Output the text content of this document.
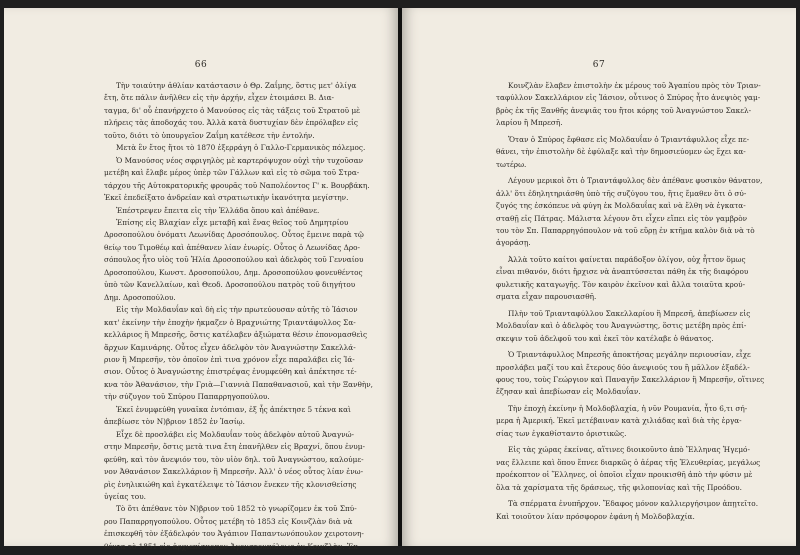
66
Τὴν τοιαύτην ἀθλίαν κατάστασιν ὁ Θρ. Ζαΐμης, ὅστις μετ' ὀλίγα
ἔτη, ὅτε πάλιν ἀνῆλθεν εἰς τὴν ἀρχήν, εἶχεν ἑτοιμάσει Β. Δια-
ταγμα, δι' οὗ ἐπανήρχετο ὁ Μανούσος εἰς τὰς τάξεις τοῦ Στρατοῦ μὲ
πλήρεις τὰς ἀποδοχάς του. Ἀλλὰ κατὰ δυστυχίαν δὲν ἐπρόλαβεν εἰς
τοῦτο, διότι τὸ ὑπουργεῖον Ζαΐμη κατέθεσε τὴν ἐντολήν.
Μετὰ ἓν ἔτος ἤτοι τὸ 1870 ἐξερράγη ὁ Γαλλο-Γερμανικὸς πόλεμος.
Ὁ Μανούσος νέος σφριγηλὸς μὲ καρτερόψυχον οὐχὶ τὴν τυχοῦσαν
μετέβη καὶ ἔλαβε μέρος ὑπὲρ τῶν Γάλλων καὶ εἰς τὸ σῶμα τοῦ Στρα-
τάρχου τῆς Αὐτοκρατορικῆς φρουρᾶς τοῦ Ναπολέοντος Γ' κ. Βουρβάκη.
Ἐκεῖ ἐπεδείξατο ἀνδρείαν καὶ στρατιωτικὴν ἱκανότητα μεγίστην.
Ἐπέστρεψεν ἔπειτα εἰς τὴν Ἑλλάδα ὅπου καὶ ἀπέθανε.
Ἐπίσης εἰς Βλαχίαν εἶχε μεταβῆ καὶ ἕνας θεῖος τοῦ Δημητρίου
Δροσοπούλου ὀνόματι Λεωνίδας Δροσόπουλος. Οὗτος ἔμεινε παρὰ τῷ
θείῳ του Τιμοθέῳ καὶ ἀπέθανεν λίαν ἐνωρίς. Οὗτος ὁ Λεωνίδας Δρο-
σόπουλος ἦτο υἱὸς τοῦ Ἠλία Δροσοπούλου καὶ ἀδελφὸς τοῦ Γενναίου
Δροσοπούλου, Κωνστ. Δροσοπούλου, Δημ. Δροσοπούλου φονευθέντος
ὑπὸ τῶν Κανελλαίων, καὶ Θεοδ. Δροσοπούλου πατρὸς τοῦ διηγήτου
Δημ. Δροσοπούλου.
Εἰς τὴν Μολδαυΐαν καὶ δὴ εἰς τὴν πρωτεύουσαν αὐτῆς τὸ Ἰάσιον
κατ' ἐκείνην τὴν ἐποχὴν ἠκμαζεν ὁ Βραχνιώτης Τριαντάφυλλος Σα-
κελλάριος ἢ Μπρεσῆς, ὅστις κατέλαβεν ἀξιώματα θέσιν ἐπονομασθεὶς
ἄρχων Καμινάρης. Οὗτος εἶχεν ἀδελφὸν τὸν Ἀναγνώστην Σακελλά-
ριον ἢ Μπρεσῆν, τὸν ὁποῖον ἐπὶ τινα χρόνον εἶχε παραλάβει εἰς Ἰά-
σιον. Οὗτος ὁ Ἀναγνώστης ἐπιστρέψας ἐνυμφεύθη καὶ ἀπέκτησε τέ-
κνα τὸν Ἀθανάσιον, τὴν Γριὰ—Γιαννιὰ Παπαθανασιοῦ, καὶ τὴν Ξανθὴν,
τὴν σύζυγον τοῦ Σπύρου Παπαρρηγοπούλου.
Ἐκεῖ ἐνυμφεύθη γυναῖκα ἐντόπιαν, ἐξ ἧς ἀπέκτησε 5 τέκνα καὶ
ἀπεβίωσε τὸν Ν)βριον 1852 ἐν Ἰασίῳ.
Εἶχε δὲ προσλάβει εἰς Μολδαυΐαν τοὺς ἀδελφὸν αὐτοῦ Ἀναγνώ-
στην Μπρεσῆν, ὅστις μετὰ τινα ἔτη ἐπανῆλθεν εἰς Βραχνί, ὅπου ἐνυμ-
φεύθη, καὶ τὸν ἀνεψιόν του, τὸν υἱὸν δηλ. τοῦ Ἀναγνώστου, καλούμε-
νον Ἀθανάσιον Σακελλάριον ἢ Μπρεσῆν. Ἀλλ' ὁ νέος οὗτος λίαν ἐνω-
ρὶς ἐνηλικιώθη καὶ ἐγκατέλειψε τὸ Ἰάσιον ἕνεκεν τῆς κλονισθείσης
ὑγείας του.
Τὸ ὅτι ἀπέθανε τὸν Ν)βριον τοῦ 1852 τὸ γνωρίζομεν ἐκ τοῦ Σπύ-
ρου Παπαρρηγοπούλου. Οὗτος μετέβη τὸ 1853 εἰς Κοινζλὰν διὰ νὰ
ἐπισκεφθῆ τὸν ἐξάδελφόν του Ἀγάπιον Παπαντωνόπουλον χειροτονη-
θέντα τὸ 1851 εἰς ἀρχιεπίσκοπον Ἀγουστουπόλεως ἐν Κοινζλὰν. Ἐκ
67
Κοινζλὰν ἔλαβεν ἐπιστολὴν ἐκ μέρους τοῦ Ἀγαπίου πρὸς τὸν Τριαν-
ταφύλλον Σακελλάριον εἰς Ἰάσιον, οὗτινος ὁ Σπύρος ἦτο ἀνεψιὸς γαμ-
βρὸς ἐκ τῆς Ξανθῆς ἀνεψιᾶς του ἤτοι κόρης τοῦ Ἀναγνώστου Σακελ-
λαρίου ἢ Μπρεσῆ.
Ὅταν ὁ Σπύρος ἔφθασε εἰς Μολδαυΐαν ὁ Τριαντάφυλλος εἶχε πε-
θάνει, τὴν ἐπιστολὴν δὲ ἐφύλαξε καὶ τὴν δημοσιεύομεν ὡς ἔχει κα-
τωτέρω.
Λέγουν μερικοὶ ὅτι ὁ Τριαντάφυλλος δὲν ἀπέθανε φυσικὸν θάνατον,
ἀλλ' ὅτι ἐδηλητηριάσθη ὑπὸ τῆς συζύγου του, ἥτις ἔμαθεν ὅτι ὁ σύ-
ζυγός της ἐσκόπευε νὰ φύγη ἐκ Μολδαυΐας καὶ νὰ ἔλθη νὰ ἐγκατα-
σταθῇ εἰς Πάτρας. Μάλιστα λέγουν ὅτι εἶχεν εἴπει εἰς τὸν γαμβρὸν
του τὸν Σπ. Παπαρρηγόπουλον νὰ τοῦ εὕρῃ ἐν κτῆμα καλὸν διὰ νὰ τὸ
ἀγοράσῃ.
Ἀλλὰ τοῦτο καίτοι φαίνεται παράδοξον ὀλίγον, οὐχ ἧττον ὅμως
εἶναι πιθανόν, διότι ἤρχισε νὰ ἀναπτύσσεται πάθη ἐκ τῆς διαφόρου
φυλετικῆς καταγωγῆς. Τὸν καιρὸν ἐκεῖνον καὶ ἄλλα τοιαῦτα κρού-
σματα εἶχαν παρουσιασθῆ.
Πλὴν τοῦ Τριανταφύλλου Σακελλαρίου ἢ Μπρεσῆ, ἀπεβίωσεν εἰς
Μολδαυΐαν καὶ ὁ ἀδελφὸς του Ἀναγνώστης, ὅστις μετέβη πρὸς ἐπί-
σκεψιν τοῦ ἀδελφοῦ του καὶ ἐκεῖ τὸν κατέλαβε ὁ θάνατος.
Ὁ Τριαντάφυλλος Μπρεσῆς ἀποκτήσας μεγάλην περιουσίαν, εἶχε
προσλάβει μαζί του καὶ ἕτερους δύο ἀνεψιούς του ἢ μᾶλλον ἐξαδέλ-
φους του, τοὺς Γεώργιον καὶ Παναγῆν Σακελλάριον ἢ Μπρεσῆν, οἵτινες
ἔζησαν καὶ ἀπεβίωσαν εἰς Μολδαυΐαν.
Τὴν ἐποχὴ ἐκείνην ἡ Μολδοβλαχία, ἡ νῦν Ρουμανία, ἦτο 6,τι σή-
μερα ἡ Ἀμερική. Ἐκεῖ μετέβαιναν κατὰ χιλιάδας καὶ διὰ τὴς ἐργα-
σίας των ἐγκαθίσταντο ὁριστικῶς.
Εἰς τὰς χώρας ἐκείνας, αἵτινες διοικοῦντο ἀπὸ Ἕλληνας Ἡγεμό-
νας ἔλλειπε καὶ ὅπου ἔπνεε διαρκῶς ὁ ἀέρας τῆς Ἐλευθερίας, μεγάλως
προέκοπτον οἱ Ἕλληνες, οἱ ὁποῖοι εἶχαν προικισθῆ ἀπὸ τὴν φύσιν μὲ
ὅλα τὰ χαρίσματα τῆς δράσεως, τῆς φιλοπονίας καὶ τῆς Προόδου.
Τὰ σπέρματα ἐνυπῆρχον. Ἔδαφος μόνον καλλιεργήσιμον ἀπῃτεῖτο.
Καὶ τοιοῦτον λίαν πρόσφορον ἐφάνη ἡ Μολδοβλαχία.
